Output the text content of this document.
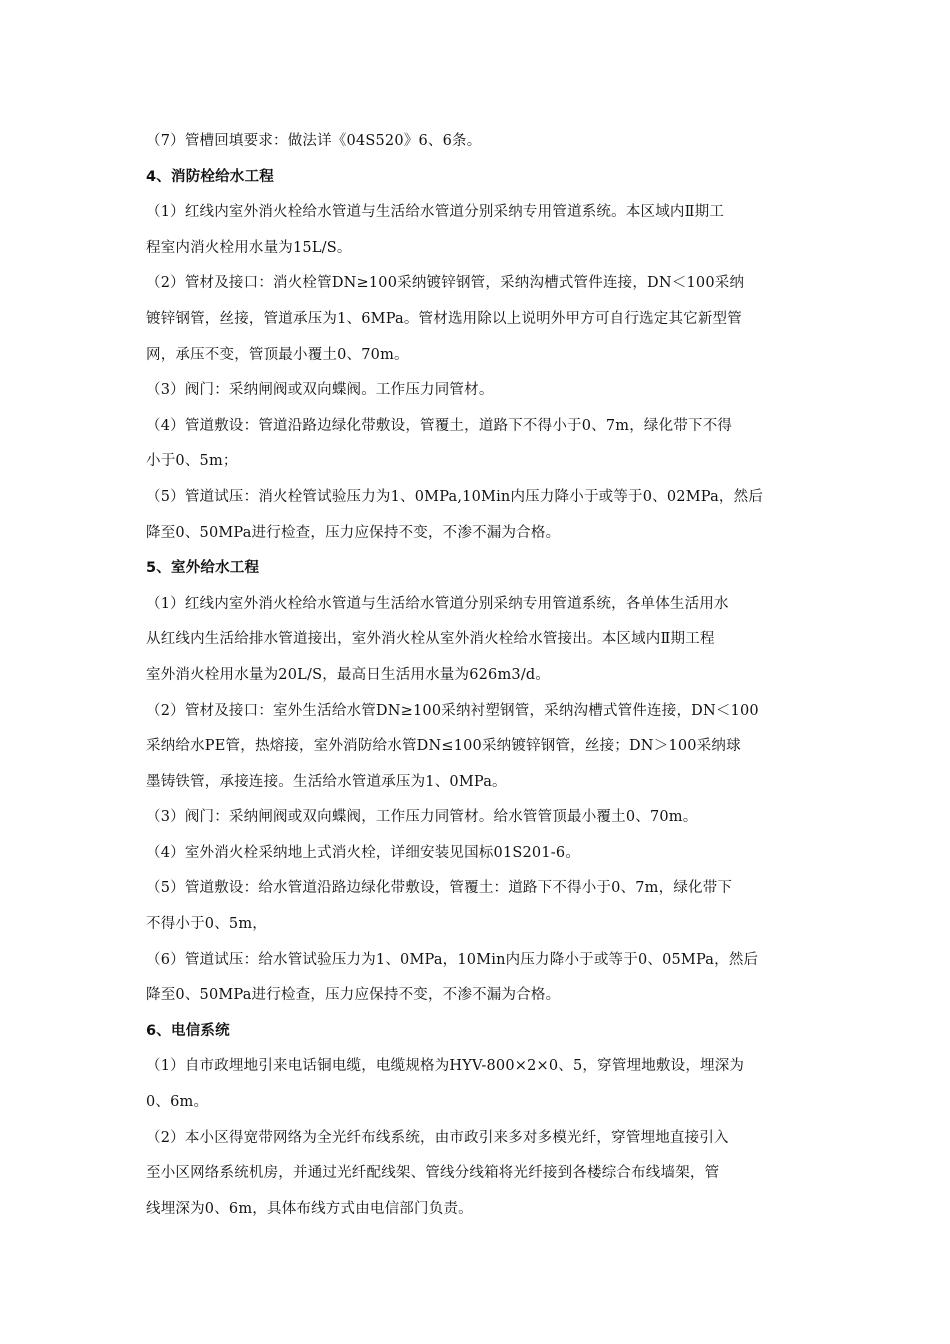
（7）管槽回填要求：做法详《04S520》6、6条。
4、消防栓给水工程
（1）红线内室外消火栓给水管道与生活给水管道分别采纳专用管道系统。本区域内Ⅱ期工
程室内消火栓用水量为15L/S。
（2）管材及接口：消火栓管DN≥100采纳镀锌钢管，采纳沟槽式管件连接，DN＜100采纳
镀锌钢管，丝接，管道承压为1、6MPa。管材选用除以上说明外甲方可自行选定其它新型管
网，承压不变，管顶最小覆土0、70m。
（3）阀门：采纳闸阀或双向蝶阀。工作压力同管材。
（4）管道敷设：管道沿路边绿化带敷设，管覆土，道路下不得小于0、7m，绿化带下不得
小于0、5m；
（5）管道试压：消火栓管试验压力为1、0MPa,10Min内压力降小于或等于0、02MPa，然后
降至0、50MPa进行检查，压力应保持不变，不渗不漏为合格。
5、室外给水工程
（1）红线内室外消火栓给水管道与生活给水管道分别采纳专用管道系统，各单体生活用水
从红线内生活给排水管道接出，室外消火栓从室外消火栓给水管接出。本区域内Ⅱ期工程
室外消火栓用水量为20L/S，最高日生活用水量为626m3/d。
（2）管材及接口：室外生活给水管DN≥100采纳衬塑钢管，采纳沟槽式管件连接，DN＜100
采纳给水PE管，热熔接，室外消防给水管DN≤100采纳镀锌钢管，丝接；DN＞100采纳球
墨铸铁管，承接连接。生活给水管道承压为1、0MPa。
（3）阀门：采纳闸阀或双向蝶阀，工作压力同管材。给水管管顶最小覆土0、70m。
（4）室外消火栓采纳地上式消火栓，详细安装见国标01S201-6。
（5）管道敷设：给水管道沿路边绿化带敷设，管覆土：道路下不得小于0、7m，绿化带下
不得小于0、5m，
（6）管道试压：给水管试验压力为1、0MPa，10Min内压力降小于或等于0、05MPa，然后
降至0、50MPa进行检查，压力应保持不变，不渗不漏为合格。
6、电信系统
（1）自市政埋地引来电话铜电缆，电缆规格为HYV-800×2×0、5，穿管埋地敷设，埋深为
0、6m。
（2）本小区得宽带网络为全光纤布线系统，由市政引来多对多模光纤，穿管埋地直接引入
至小区网络系统机房，并通过光纤配线架、管线分线箱将光纤接到各楼综合布线墙架，管
线埋深为0、6m，具体布线方式由电信部门负责。
